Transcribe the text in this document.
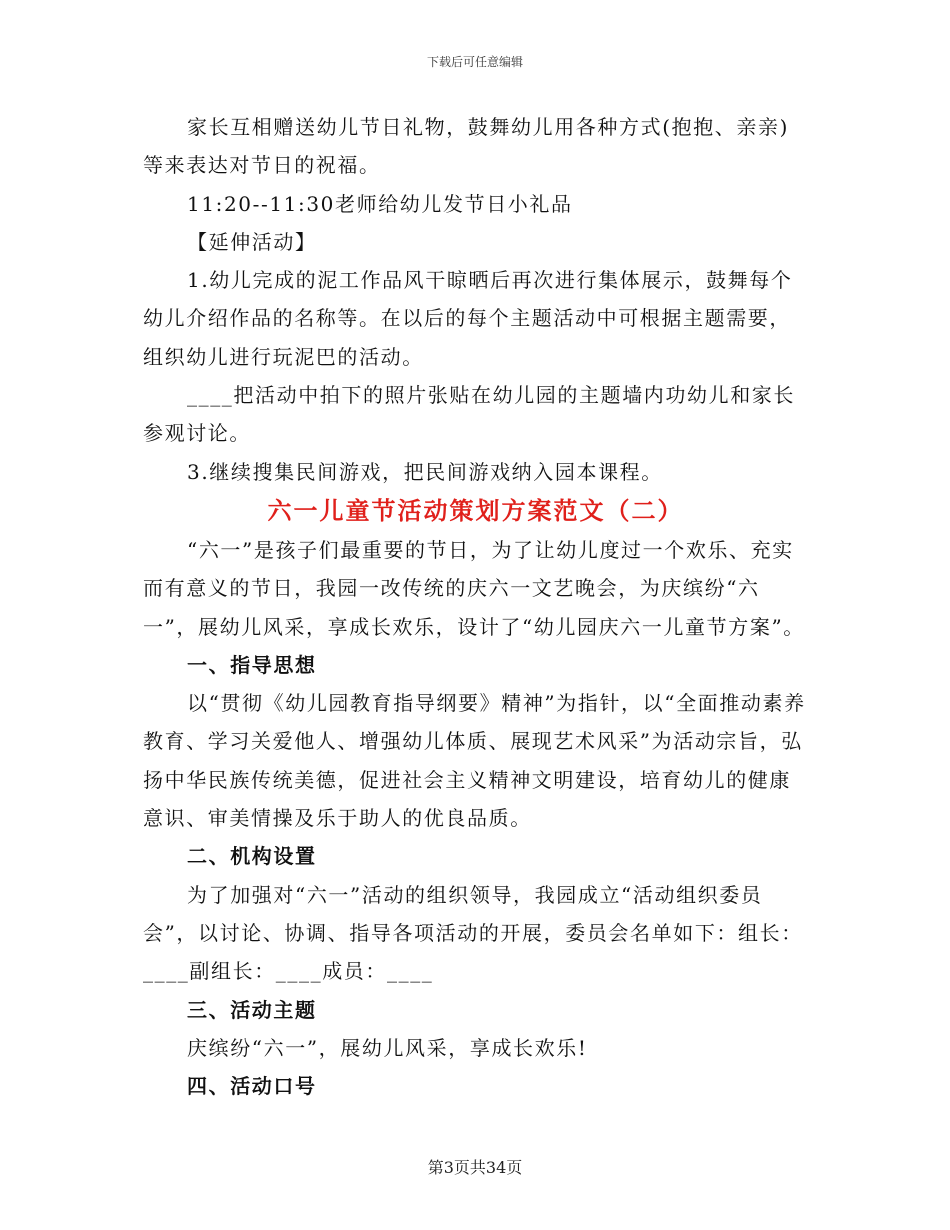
下载后可任意编辑

家长互相赠送幼儿节日礼物，鼓舞幼儿用各种方式(抱抱、亲亲)等来表达对节日的祝福。

11:20--11:30老师给幼儿发节日小礼品

【延伸活动】

1.幼儿完成的泥工作品风干晾晒后再次进行集体展示，鼓舞每个幼儿介绍作品的名称等。在以后的每个主题活动中可根据主题需要，组织幼儿进行玩泥巴的活动。

____把活动中拍下的照片张贴在幼儿园的主题墙内功幼儿和家长参观讨论。

3.继续搜集民间游戏，把民间游戏纳入园本课程。

六一儿童节活动策划方案范文（二）

“六一”是孩子们最重要的节日，为了让幼儿度过一个欢乐、充实而有意义的节日，我园一改传统的庆六一文艺晚会，为庆缤纷“六一”，展幼儿风采，享成长欢乐，设计了“幼儿园庆六一儿童节方案”。

一、指导思想

以“贯彻《幼儿园教育指导纲要》精神”为指针，以“全面推动素养教育、学习关爱他人、增强幼儿体质、展现艺术风采”为活动宗旨，弘扬中华民族传统美德，促进社会主义精神文明建设，培育幼儿的健康意识、审美情操及乐于助人的优良品质。

二、机构设置

为了加强对“六一”活动的组织领导，我园成立“活动组织委员会”，以讨论、协调、指导各项活动的开展，委员会名单如下：组长：____副组长：____成员：____

三、活动主题

庆缤纷“六一”，展幼儿风采，享成长欢乐!

四、活动口号

第3页共34页
